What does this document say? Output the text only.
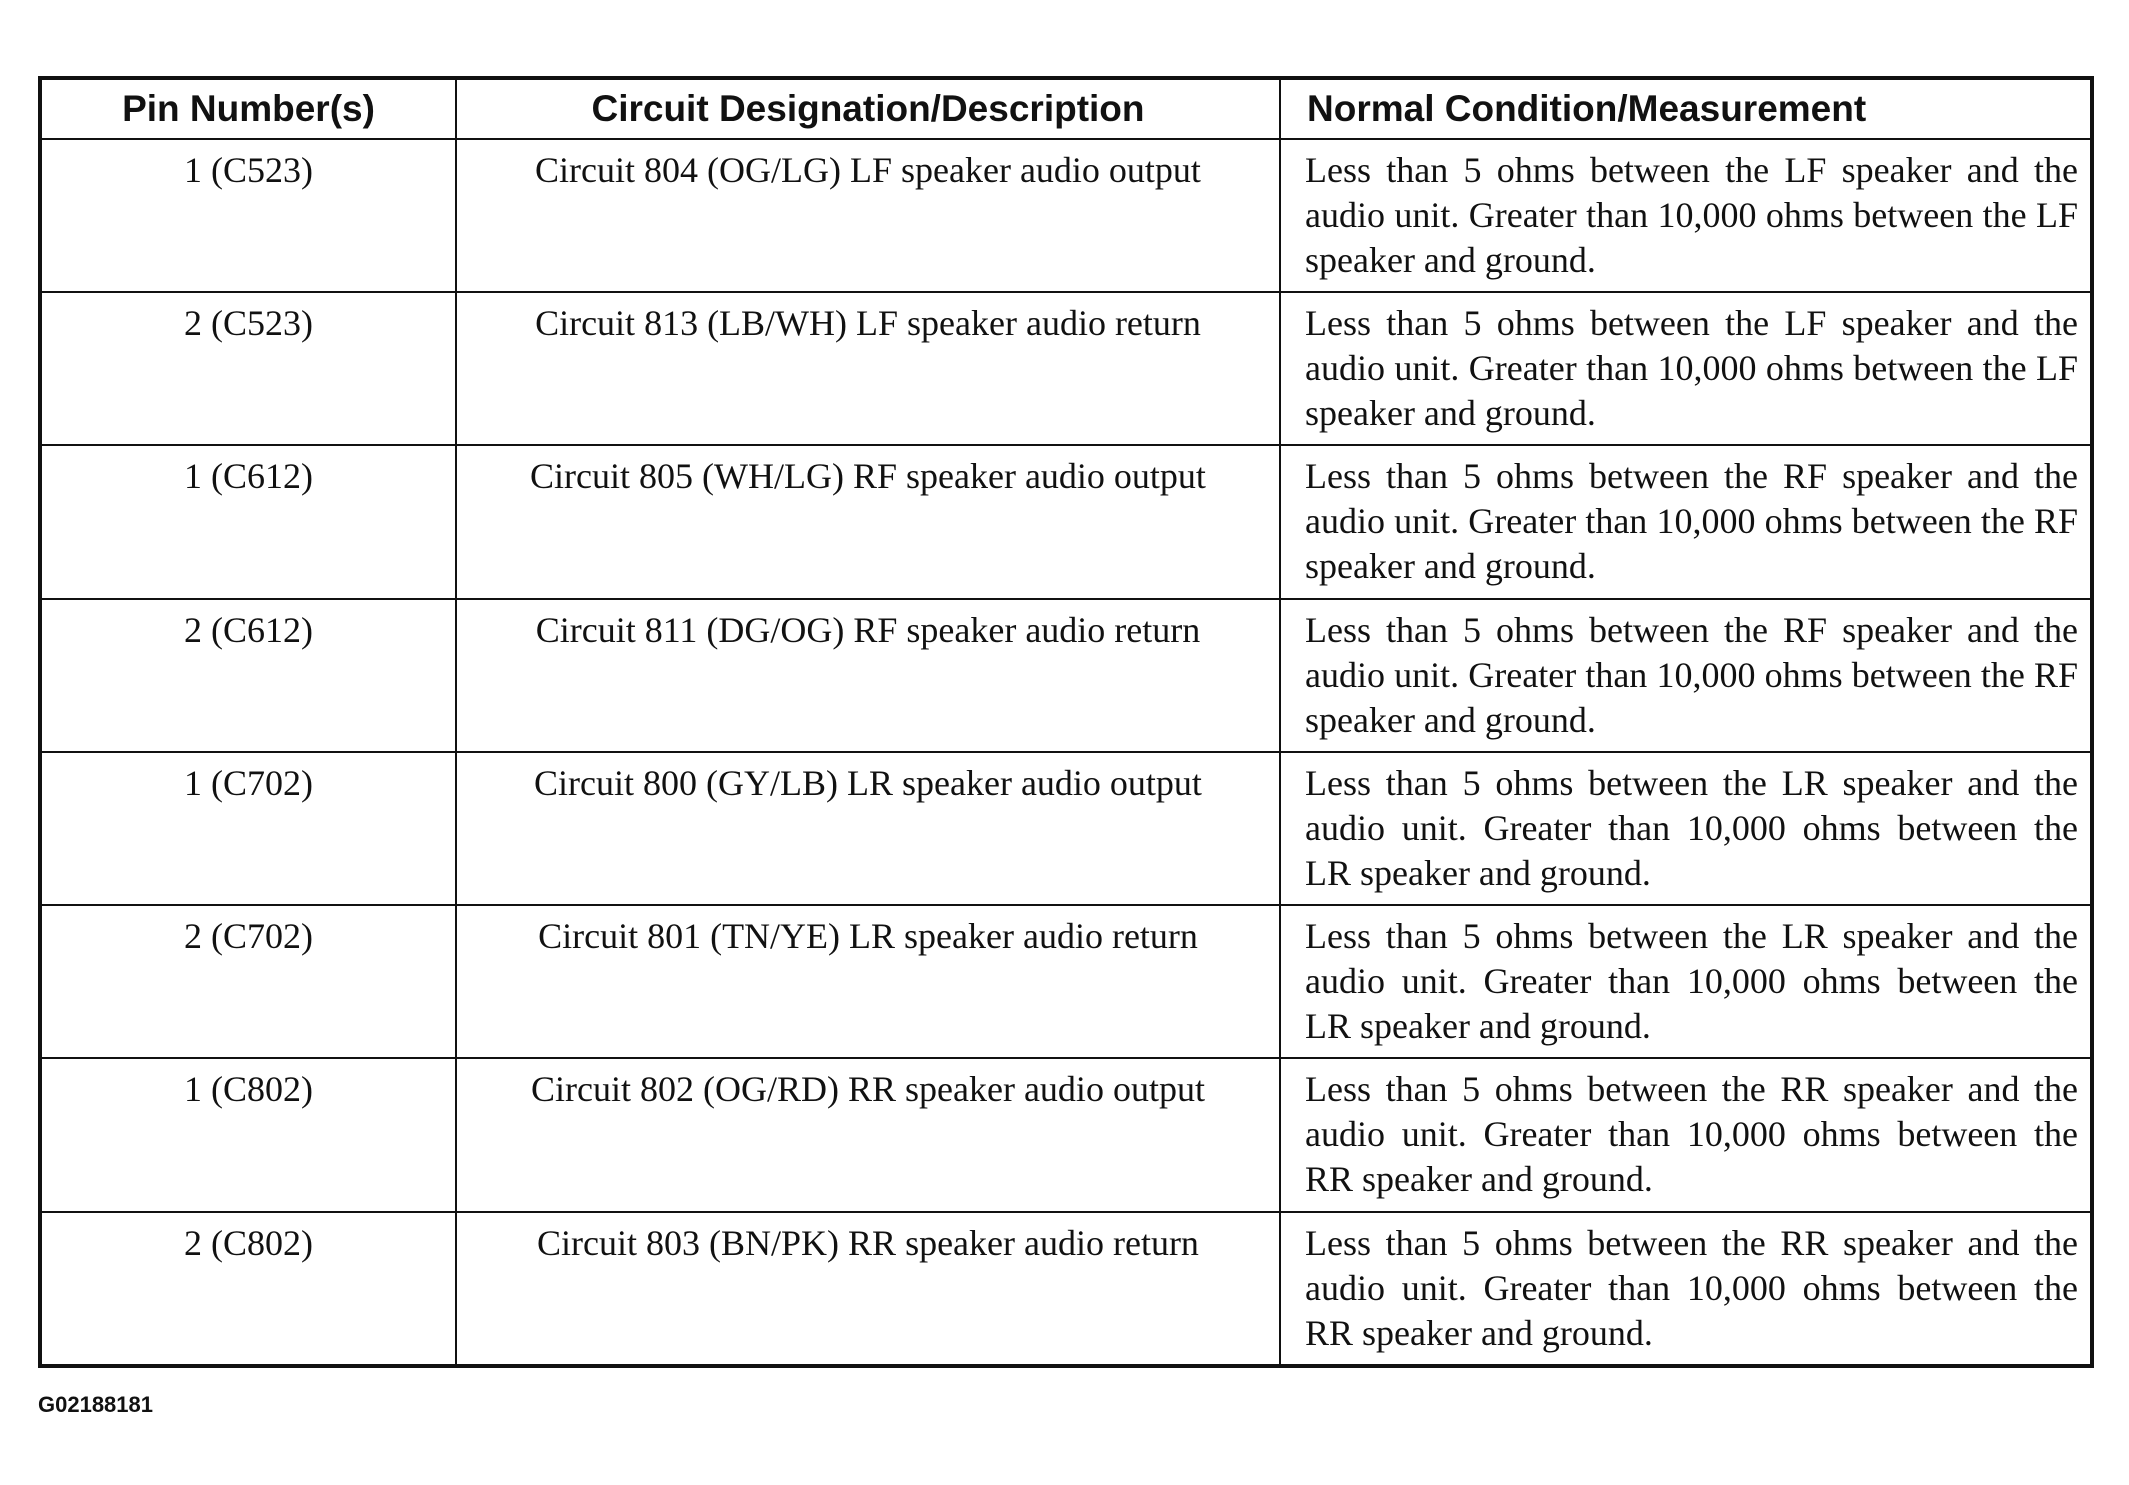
Pin Number(s)	Circuit Designation/Description	Normal Condition/Measurement
1 (C523)	Circuit 804 (OG/LG) LF speaker audio output	Less than 5 ohms between the LF speaker and the audio unit. Greater than 10,000 ohms between the LF speaker and ground.
2 (C523)	Circuit 813 (LB/WH) LF speaker audio return	Less than 5 ohms between the LF speaker and the audio unit. Greater than 10,000 ohms between the LF speaker and ground.
1 (C612)	Circuit 805 (WH/LG) RF speaker audio output	Less than 5 ohms between the RF speaker and the audio unit. Greater than 10,000 ohms between the RF speaker and ground.
2 (C612)	Circuit 811 (DG/OG) RF speaker audio return	Less than 5 ohms between the RF speaker and the audio unit. Greater than 10,000 ohms between the RF speaker and ground.
1 (C702)	Circuit 800 (GY/LB) LR speaker audio output	Less than 5 ohms between the LR speaker and the audio unit. Greater than 10,000 ohms between the LR speaker and ground.
2 (C702)	Circuit 801 (TN/YE) LR speaker audio return	Less than 5 ohms between the LR speaker and the audio unit. Greater than 10,000 ohms between the LR speaker and ground.
1 (C802)	Circuit 802 (OG/RD) RR speaker audio output	Less than 5 ohms between the RR speaker and the audio unit. Greater than 10,000 ohms between the RR speaker and ground.
2 (C802)	Circuit 803 (BN/PK) RR speaker audio return	Less than 5 ohms between the RR speaker and the audio unit. Greater than 10,000 ohms between the RR speaker and ground.
G02188181
